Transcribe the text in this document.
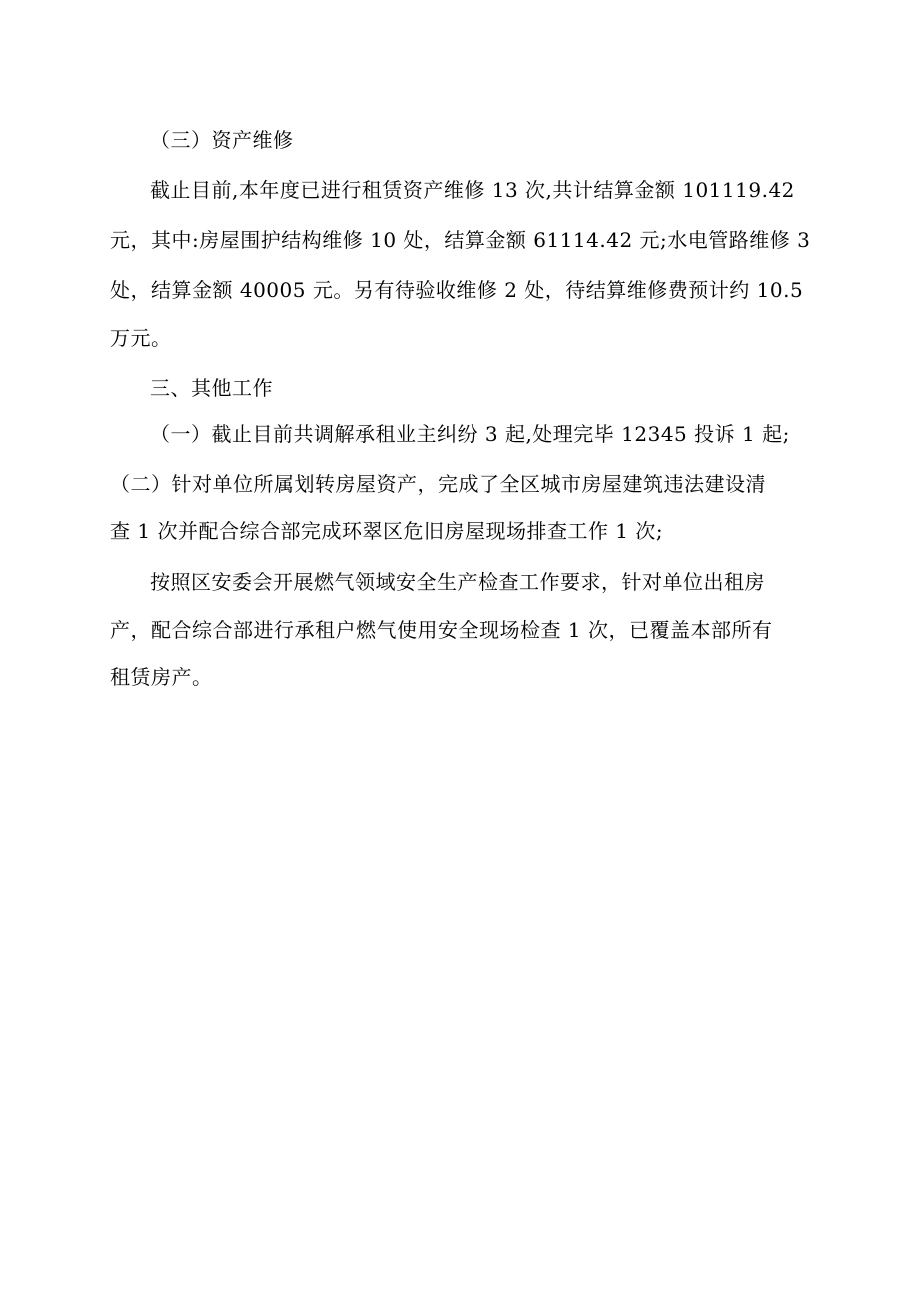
（三）资产维修
截止目前,本年度已进行租赁资产维修 13 次,共计结算金额 101119.42
元，其中:房屋围护结构维修 10 处，结算金额 61114.42 元;水电管路维修 3
处，结算金额 40005 元。另有待验收维修 2 处，待结算维修费预计约 10.5
万元。
三、其他工作
（一）截止目前共调解承租业主纠纷 3 起,处理完毕 12345 投诉 1 起;
（二）针对单位所属划转房屋资产，完成了全区城市房屋建筑违法建设清
查 1 次并配合综合部完成环翠区危旧房屋现场排查工作 1 次;
按照区安委会开展燃气领域安全生产检查工作要求，针对单位出租房
产，配合综合部进行承租户燃气使用安全现场检查 1 次，已覆盖本部所有
租赁房产。
